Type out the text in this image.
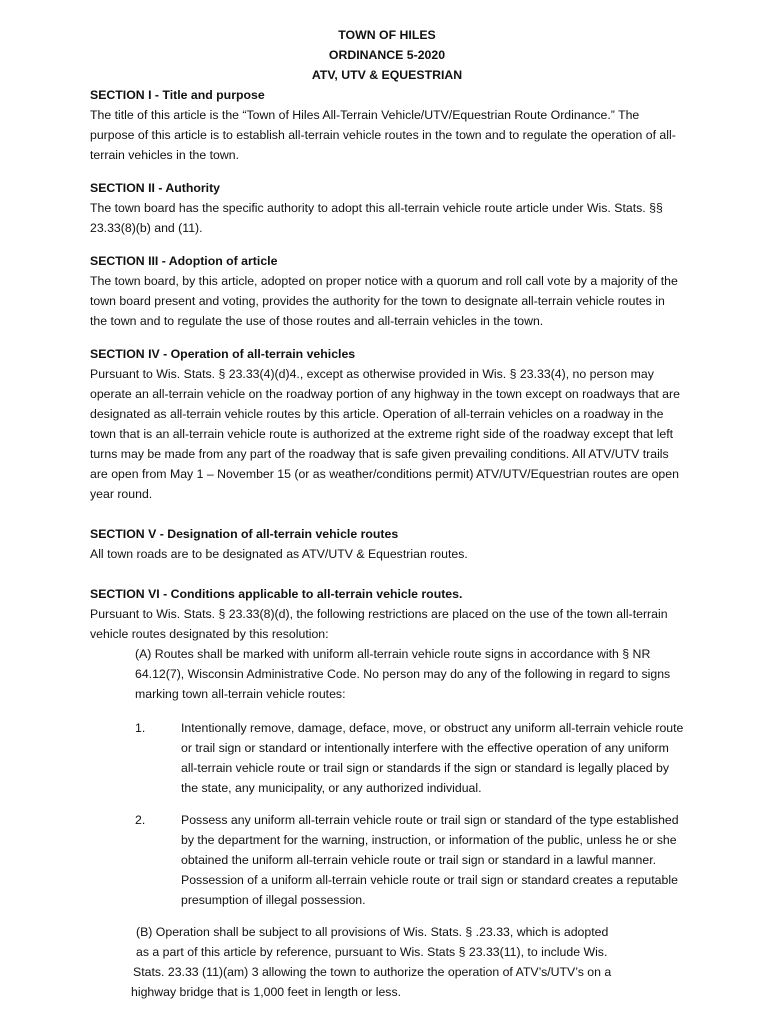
TOWN OF HILES
ORDINANCE 5-2020
ATV, UTV & EQUESTRIAN
SECTION I - Title and purpose

The title of this article is the “Town of Hiles All-Terrain Vehicle/UTV/Equestrian Route Ordinance.” The purpose of this article is to establish all-terrain vehicle routes in the town and to regulate the operation of all-terrain vehicles in the town.

SECTION II - Authority

The town board has the specific authority to adopt this all-terrain vehicle route article under Wis. Stats. §§ 23.33(8)(b) and (11).

SECTION III - Adoption of article

The town board, by this article, adopted on proper notice with a quorum and roll call vote by a majority of the town board present and voting, provides the authority for the town to designate all-terrain vehicle routes in the town and to regulate the use of those routes and all-terrain vehicles in the town.

SECTION IV - Operation of all-terrain vehicles

Pursuant to Wis. Stats. § 23.33(4)(d)4., except as otherwise provided in Wis. § 23.33(4), no person may operate an all-terrain vehicle on the roadway portion of any highway in the town except on roadways that are designated as all-terrain vehicle routes by this article. Operation of all-terrain vehicles on a roadway in the town that is an all-terrain vehicle route is authorized at the extreme right side of the roadway except that left turns may be made from any part of the roadway that is safe given prevailing conditions. All ATV/UTV trails are open from May 1 – November 15 (or as weather/conditions permit) ATV/UTV/Equestrian routes are open year round.

SECTION V - Designation of all-terrain vehicle routes

All town roads are to be designated as ATV/UTV & Equestrian routes.

SECTION VI - Conditions applicable to all-terrain vehicle routes.

Pursuant to Wis. Stats. § 23.33(8)(d), the following restrictions are placed on the use of the town all-terrain vehicle routes designated by this resolution:

(A) Routes shall be marked with uniform all-terrain vehicle route signs in accordance with § NR 64.12(7), Wisconsin Administrative Code. No person may do any of the following in regard to signs marking town all-terrain vehicle routes:

1.	Intentionally remove, damage, deface, move, or obstruct any uniform all-terrain vehicle route or trail sign or standard or intentionally interfere with the effective operation of any uniform all-terrain vehicle route or trail sign or standards if the sign or standard is legally placed by the state, any municipality, or any authorized individual.

2.	Possess any uniform all-terrain vehicle route or trail sign or standard of the type established by the department for the warning, instruction, or information of the public, unless he or she obtained the uniform all-terrain vehicle route or trail sign or standard in a lawful manner. Possession of a uniform all-terrain vehicle route or trail sign or standard creates a reputable presumption of illegal possession.

(B) Operation shall be subject to all provisions of Wis. Stats. § .23.33, which is adopted
as a part of this article by reference, pursuant to Wis. Stats § 23.33(11), to include Wis.
Stats. 23.33 (11)(am) 3 allowing the town to authorize the operation of ATV’s/UTV’s on a
highway bridge that is 1,000 feet in length or less.
